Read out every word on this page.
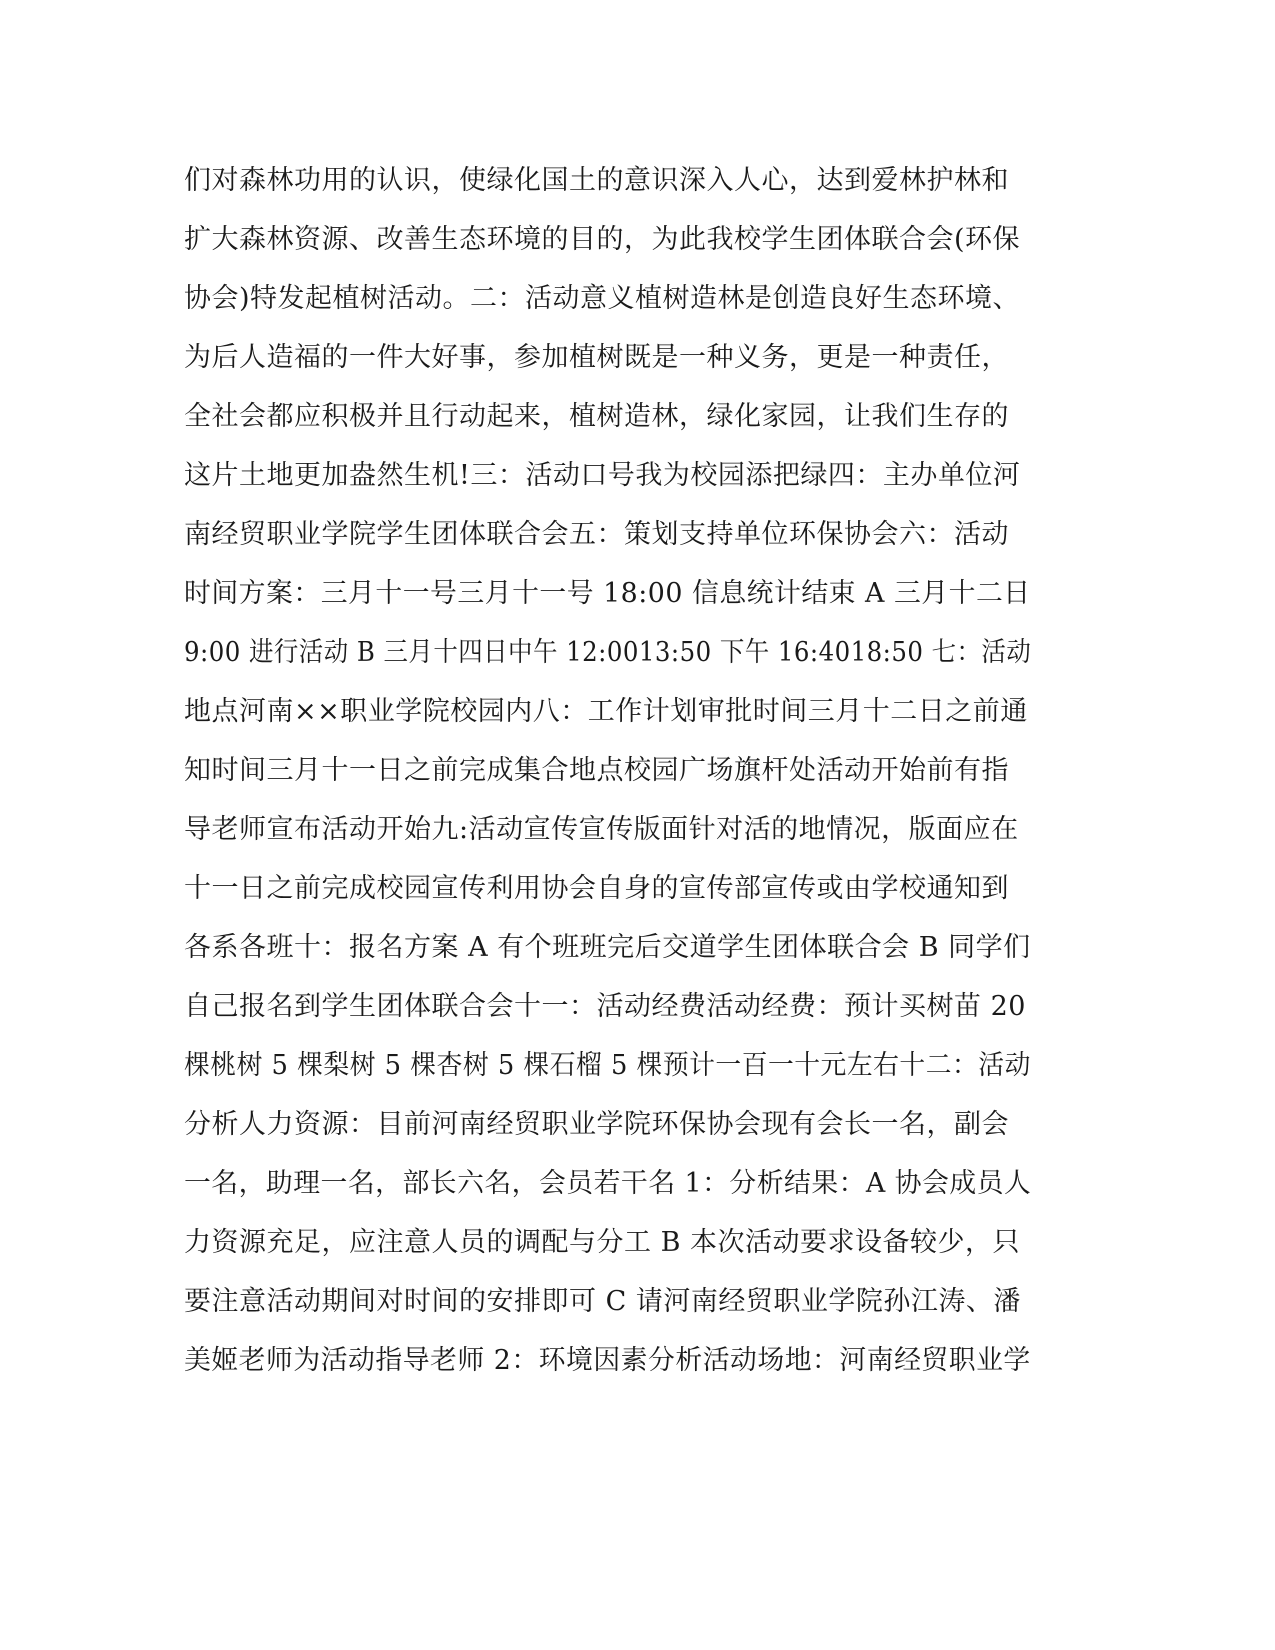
们对森林功用的认识，使绿化国土的意识深入人心，达到爱林护林和
扩大森林资源、改善生态环境的目的，为此我校学生团体联合会(环保
协会)特发起植树活动。二：活动意义植树造林是创造良好生态环境、
为后人造福的一件大好事，参加植树既是一种义务，更是一种责任，
全社会都应积极并且行动起来，植树造林，绿化家园，让我们生存的
这片土地更加盎然生机!三：活动口号我为校园添把绿四：主办单位河
南经贸职业学院学生团体联合会五：策划支持单位环保协会六：活动
时间方案：三月十一号三月十一号 18:00 信息统计结束 A 三月十二日
9:00 进行活动 B 三月十四日中午 12:0013:50 下午 16:4018:50 七：活动
地点河南××职业学院校园内八：工作计划审批时间三月十二日之前通
知时间三月十一日之前完成集合地点校园广场旗杆处活动开始前有指
导老师宣布活动开始九:活动宣传宣传版面针对活的地情况，版面应在
十一日之前完成校园宣传利用协会自身的宣传部宣传或由学校通知到
各系各班十：报名方案 A 有个班班完后交道学生团体联合会 B 同学们
自己报名到学生团体联合会十一：活动经费活动经费：预计买树苗 20
棵桃树 5 棵梨树 5 棵杏树 5 棵石榴 5 棵预计一百一十元左右十二：活动
分析人力资源：目前河南经贸职业学院环保协会现有会长一名，副会
一名，助理一名，部长六名，会员若干名 1：分析结果：A 协会成员人
力资源充足，应注意人员的调配与分工 B 本次活动要求设备较少，只
要注意活动期间对时间的安排即可 C 请河南经贸职业学院孙江涛、潘
美姬老师为活动指导老师 2：环境因素分析活动场地：河南经贸职业学
